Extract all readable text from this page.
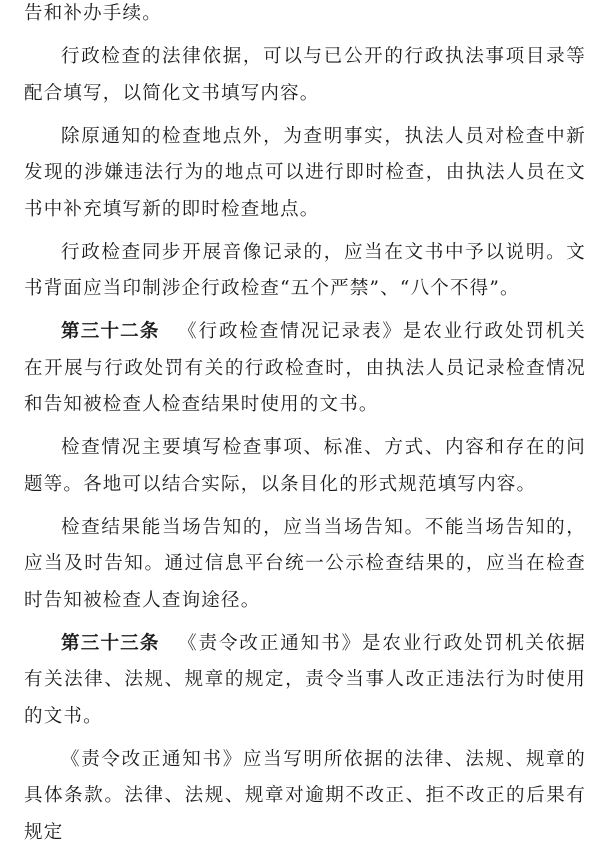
告和补办手续。

行政检查的法律依据，可以与已公开的行政执法事项目录等配合填写，以简化文书填写内容。

除原通知的检查地点外，为查明事实，执法人员对检查中新发现的涉嫌违法行为的地点可以进行即时检查，由执法人员在文书中补充填写新的即时检查地点。

行政检查同步开展音像记录的，应当在文书中予以说明。文书背面应当印制涉企行政检查“五个严禁”、“八个不得”。

第三十二条 《行政检查情况记录表》是农业行政处罚机关在开展与行政处罚有关的行政检查时，由执法人员记录检查情况和告知被检查人检查结果时使用的文书。

检查情况主要填写检查事项、标准、方式、内容和存在的问题等。各地可以结合实际，以条目化的形式规范填写内容。

检查结果能当场告知的，应当当场告知。不能当场告知的，应当及时告知。通过信息平台统一公示检查结果的，应当在检查时告知被检查人查询途径。

第三十三条 《责令改正通知书》是农业行政处罚机关依据有关法律、法规、规章的规定，责令当事人改正违法行为时使用的文书。

《责令改正通知书》应当写明所依据的法律、法规、规章的具体条款。法律、法规、规章对逾期不改正、拒不改正的后果有规定
